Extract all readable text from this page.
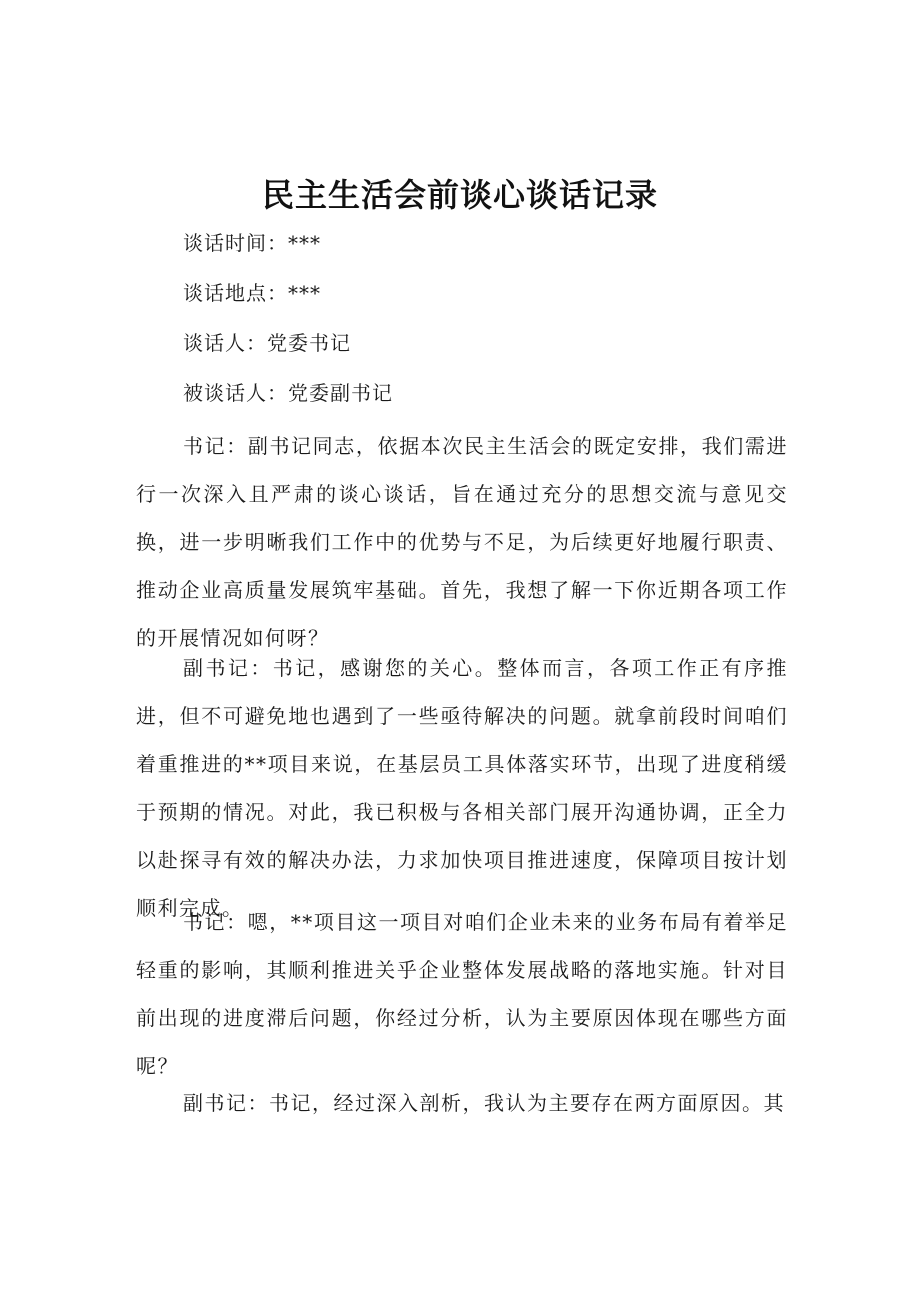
民主生活会前谈心谈话记录
谈话时间：***
谈话地点：***
谈话人：党委书记
被谈话人：党委副书记

书记：副书记同志，依据本次民主生活会的既定安排，我们需进行一次深入且严肃的谈心谈话，旨在通过充分的思想交流与意见交换，进一步明晰我们工作中的优势与不足，为后续更好地履行职责、推动企业高质量发展筑牢基础。首先，我想了解一下你近期各项工作的开展情况如何呀？

副书记：书记，感谢您的关心。整体而言，各项工作正有序推进，但不可避免地也遇到了一些亟待解决的问题。就拿前段时间咱们着重推进的**项目来说，在基层员工具体落实环节，出现了进度稍缓于预期的情况。对此，我已积极与各相关部门展开沟通协调，正全力以赴探寻有效的解决办法，力求加快项目推进速度，保障项目按计划顺利完成。

书记：嗯，**项目这一项目对咱们企业未来的业务布局有着举足轻重的影响，其顺利推进关乎企业整体发展战略的落地实施。针对目前出现的进度滞后问题，你经过分析，认为主要原因体现在哪些方面呢？

副书记：书记，经过深入剖析，我认为主要存在两方面原因。其
